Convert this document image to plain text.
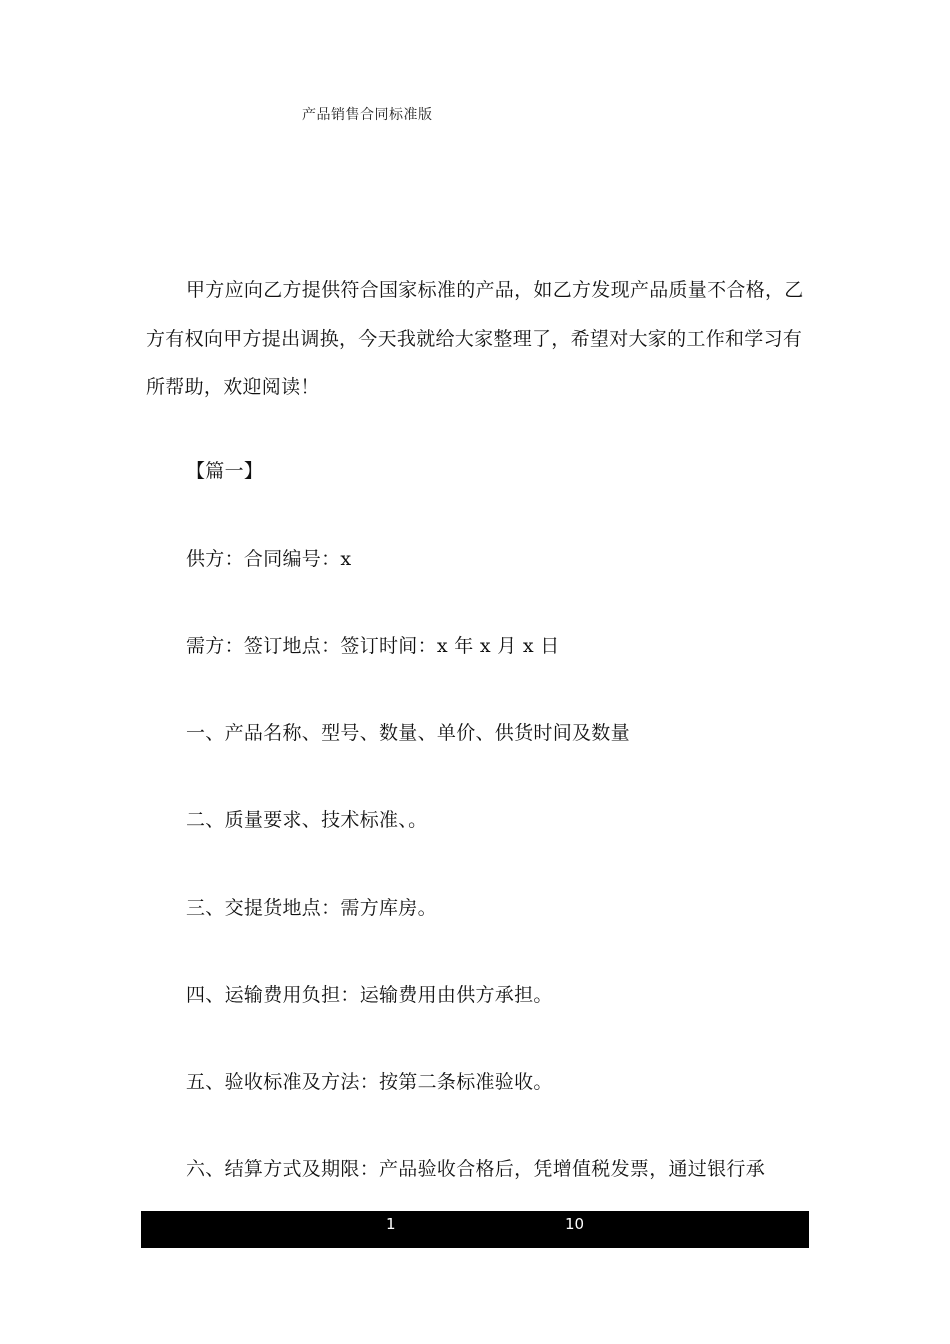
产品销售合同标准版

甲方应向乙方提供符合国家标准的产品，如乙方发现产品质量不合格，乙方有权向甲方提出调换，今天我就给大家整理了，希望对大家的工作和学习有所帮助，欢迎阅读！

【篇一】
供方：合同编号：x
需方：签订地点：签订时间：x 年 x 月 x 日
一、产品名称、型号、数量、单价、供货时间及数量
二、质量要求、技术标准、。
三、交提货地点：需方库房。
四、运输费用负担：运输费用由供方承担。
五、验收标准及方法：按第二条标准验收。
六、结算方式及期限：产品验收合格后，凭增值税发票，通过银行承
1	10
